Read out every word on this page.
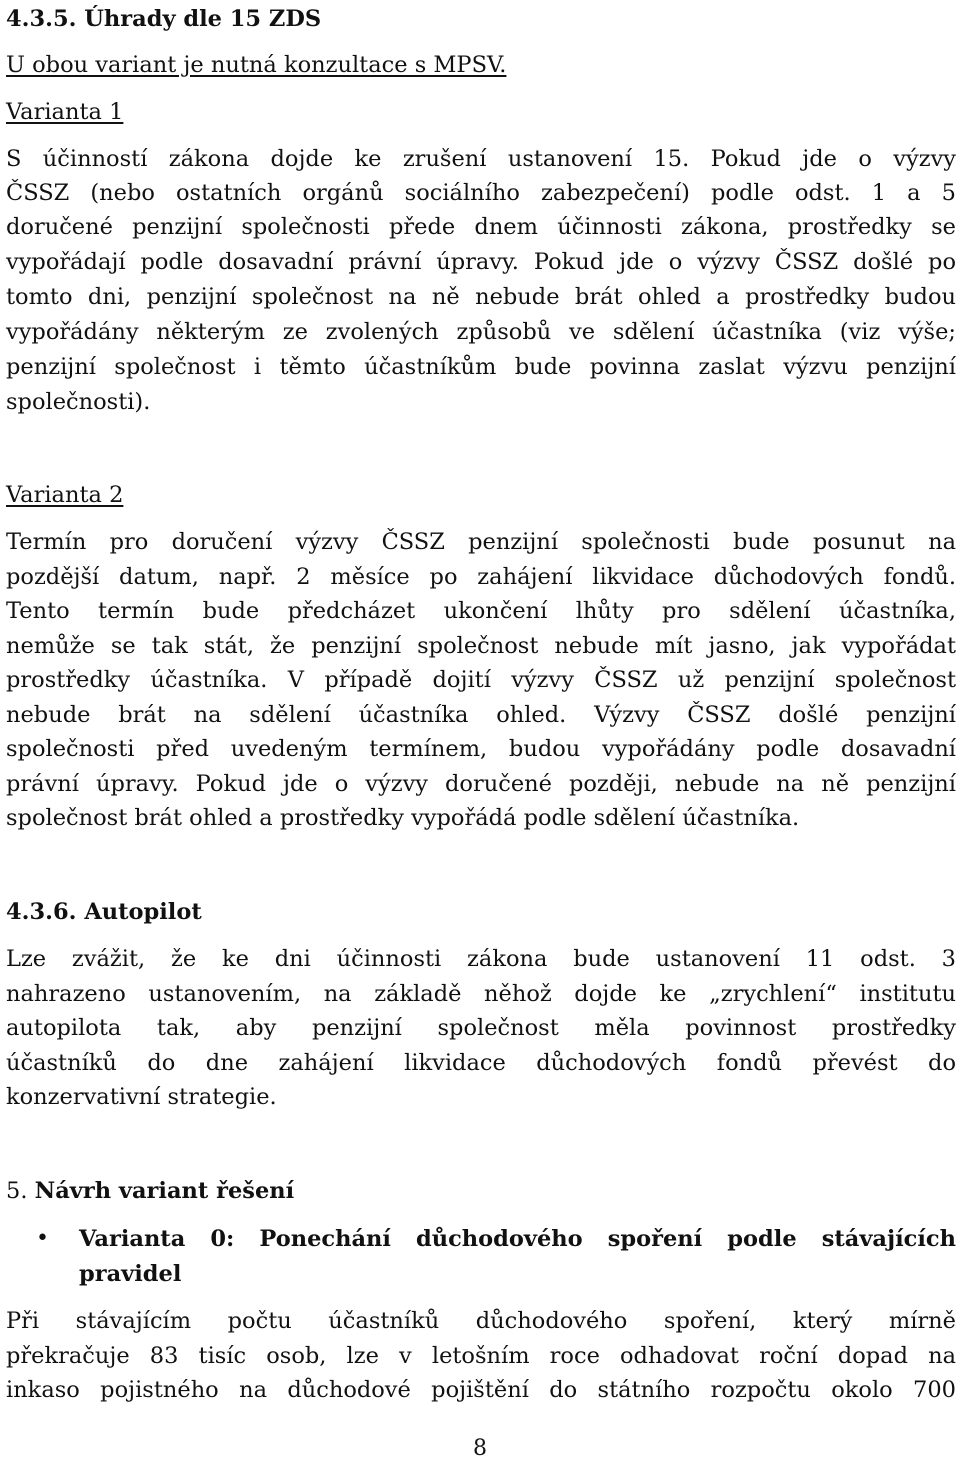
4.3.5. Úhrady dle 15 ZDS
U obou variant je nutná konzultace s MPSV.
Varianta 1
S účinností zákona dojde ke zrušení ustanovení 15. Pokud jde o výzvy
ČSSZ (nebo ostatních orgánů sociálního zabezpečení) podle odst. 1 a 5
doručené penzijní společnosti přede dnem účinnosti zákona, prostředky se
vypořádají podle dosavadní právní úpravy. Pokud jde o výzvy ČSSZ došlé po
tomto dni, penzijní společnost na ně nebude brát ohled a prostředky budou
vypořádány některým ze zvolených způsobů ve sdělení účastníka (viz výše;
penzijní společnost i těmto účastníkům bude povinna zaslat výzvu penzijní
společnosti).
Varianta 2
Termín pro doručení výzvy ČSSZ penzijní společnosti bude posunut na
pozdější datum, např. 2 měsíce po zahájení likvidace důchodových fondů.
Tento termín bude předcházet ukončení lhůty pro sdělení účastníka,
nemůže se tak stát, že penzijní společnost nebude mít jasno, jak vypořádat
prostředky účastníka. V případě dojití výzvy ČSSZ už penzijní společnost
nebude brát na sdělení účastníka ohled. Výzvy ČSSZ došlé penzijní
společnosti před uvedeným termínem, budou vypořádány podle dosavadní
právní úpravy. Pokud jde o výzvy doručené později, nebude na ně penzijní
společnost brát ohled a prostředky vypořádá podle sdělení účastníka.
4.3.6. Autopilot
Lze zvážit, že ke dni účinnosti zákona bude ustanovení 11 odst. 3
nahrazeno ustanovením, na základě něhož dojde ke „zrychlení“ institutu
autopilota tak, aby penzijní společnost měla povinnost prostředky
účastníků do dne zahájení likvidace důchodových fondů převést do
konzervativní strategie.
5. Návrh variant řešení
• Varianta 0: Ponechání důchodového spoření podle stávajících
pravidel
Při stávajícím počtu účastníků důchodového spoření, který mírně
překračuje 83 tisíc osob, lze v letošním roce odhadovat roční dopad na
inkaso pojistného na důchodové pojištění do státního rozpočtu okolo 700
8
